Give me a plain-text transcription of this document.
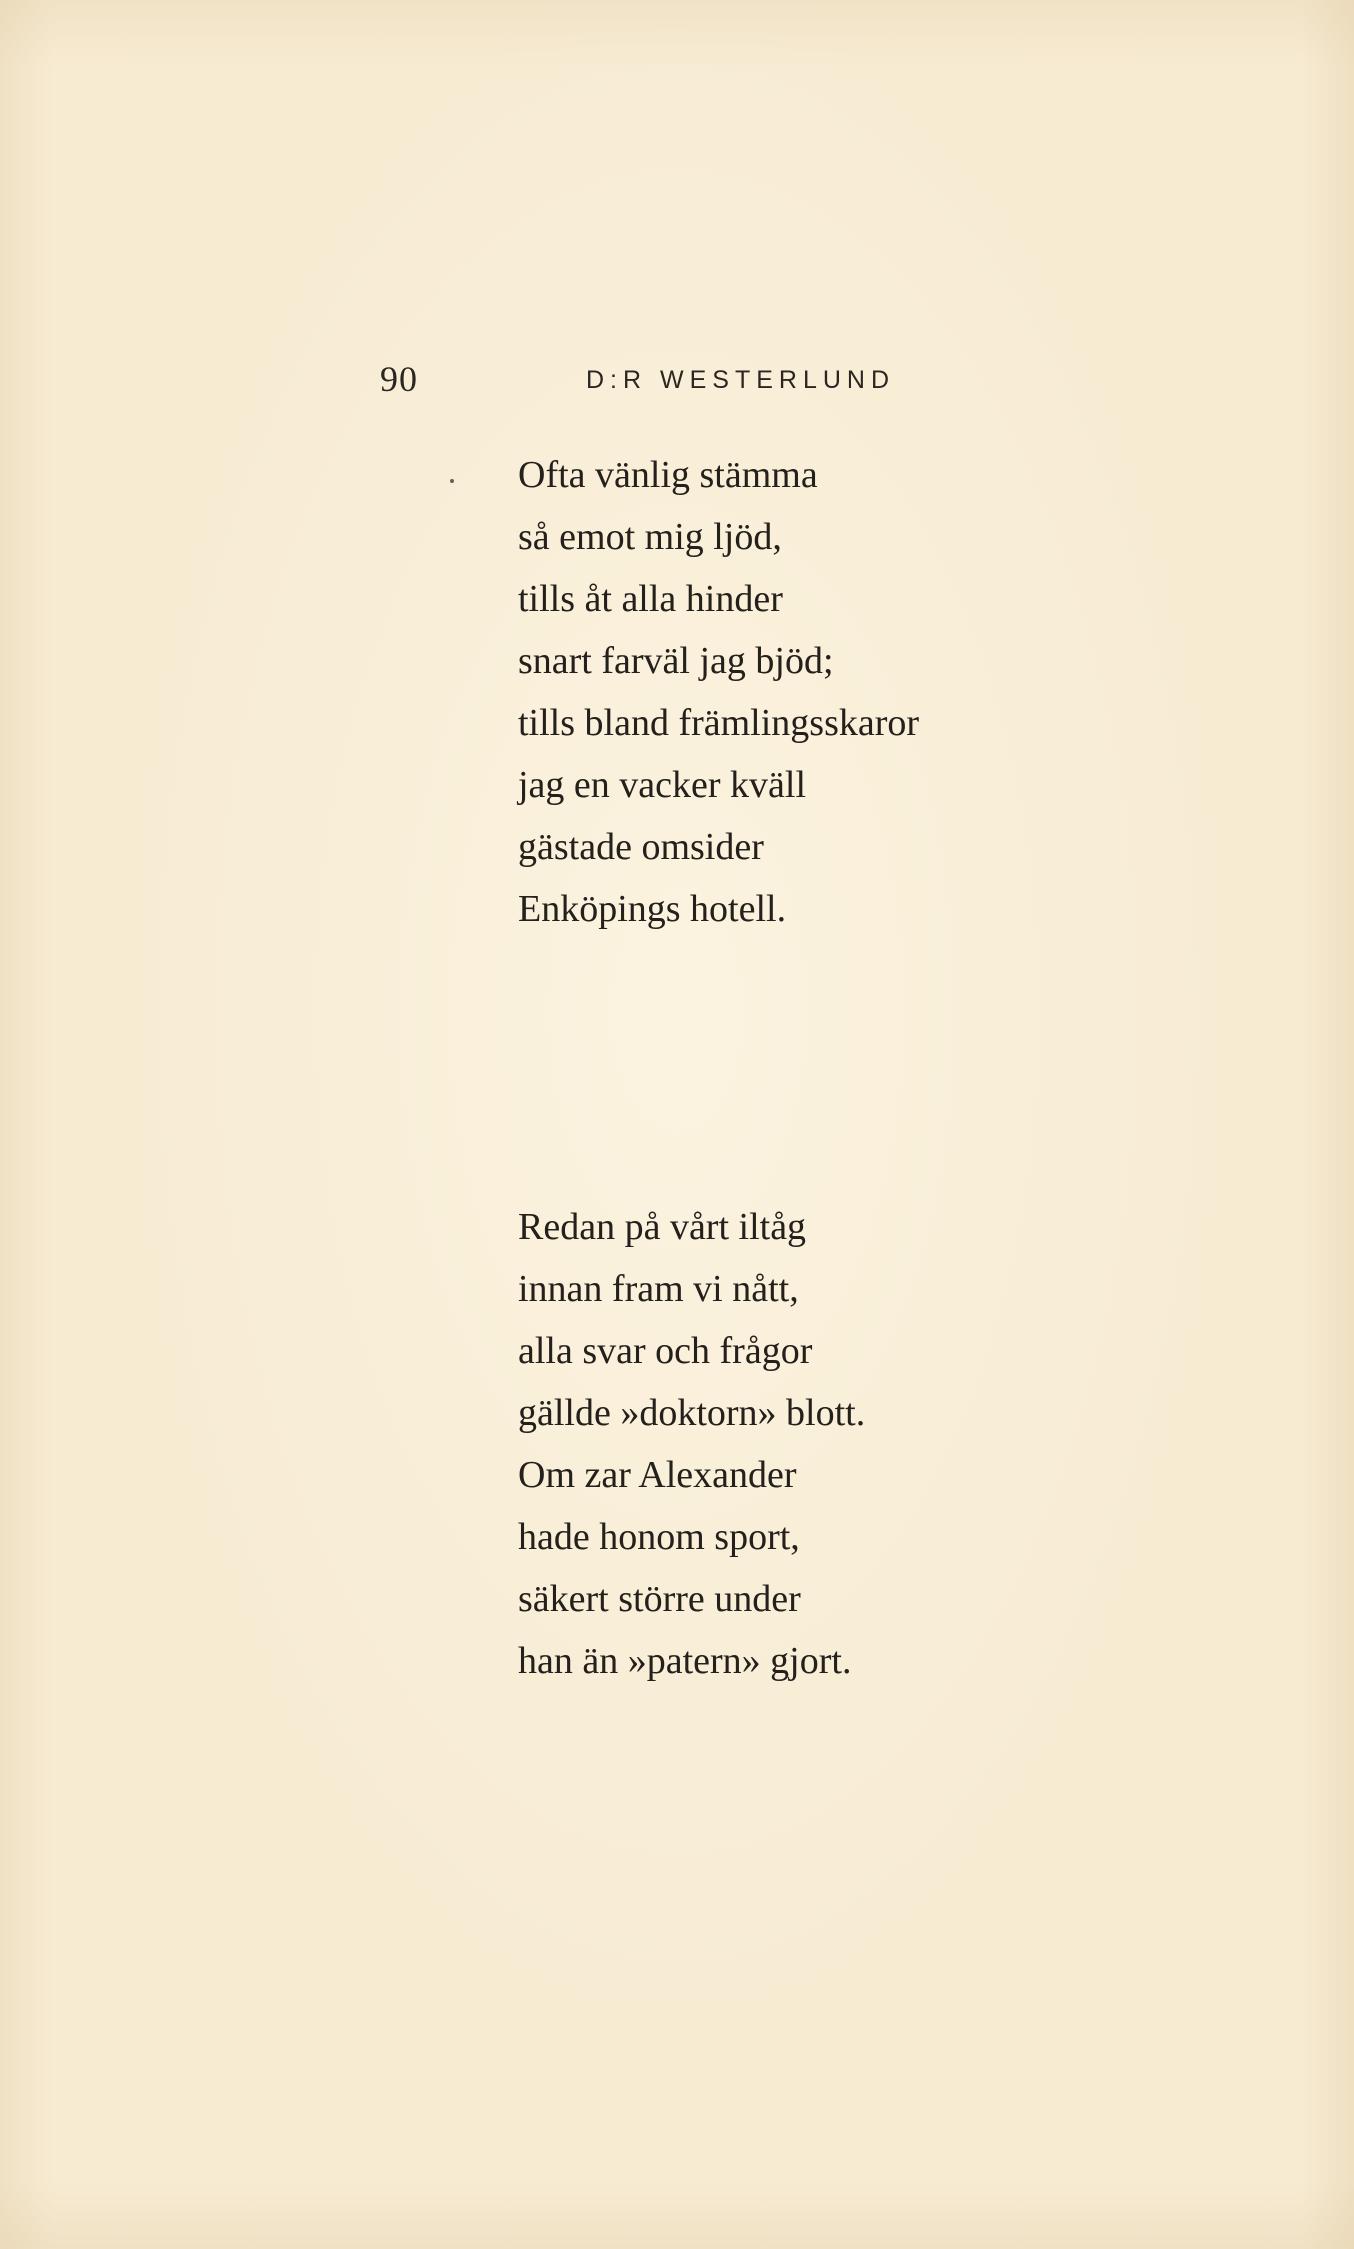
90	D:R WESTERLUND
Ofta vänlig stämma
så emot mig ljöd,
tills åt alla hinder
snart farväl jag bjöd;
tills bland främlingsskaror
jag en vacker kväll
gästade omsider
Enköpings hotell.
Redan på vårt iltåg
innan fram vi nått,
alla svar och frågor
gällde »doktorn» blott.
Om zar Alexander
hade honom sport,
säkert större under
han än »patern» gjort.
